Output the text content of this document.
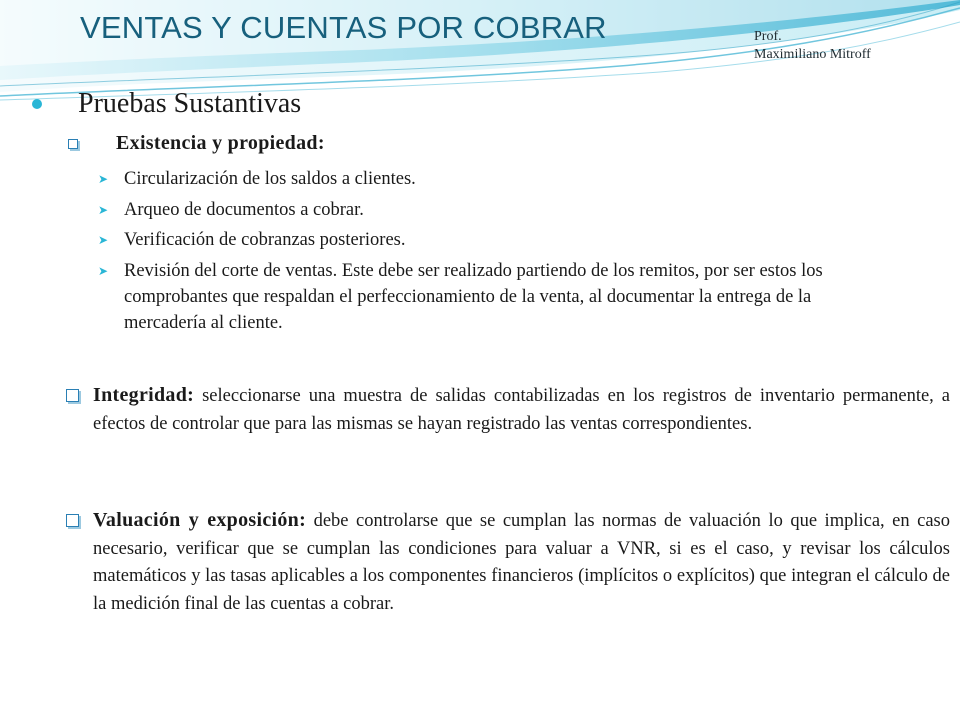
VENTAS Y CUENTAS POR COBRAR	Prof.
Maximiliano Mitroff
Pruebas Sustantivas
Existencia y propiedad:
➤ Circularización de los saldos a clientes.
➤ Arqueo de documentos a cobrar.
➤ Verificación de cobranzas posteriores.
➤ Revisión del corte de ventas. Este debe ser realizado partiendo de los remitos, por ser estos los comprobantes que respaldan el perfeccionamiento de la venta, al documentar la entrega de la mercadería al cliente.
Integridad: seleccionarse una muestra de salidas contabilizadas en los registros de inventario permanente, a efectos de controlar que para las mismas se hayan registrado las ventas correspondientes.
Valuación y exposición: debe controlarse que se cumplan las normas de valuación lo que implica, en caso necesario, verificar que se cumplan las condiciones para valuar a VNR, si es el caso, y revisar los cálculos matemáticos y las tasas aplicables a los componentes financieros (implícitos o explícitos) que integran el cálculo de la medición final de las cuentas a cobrar.
